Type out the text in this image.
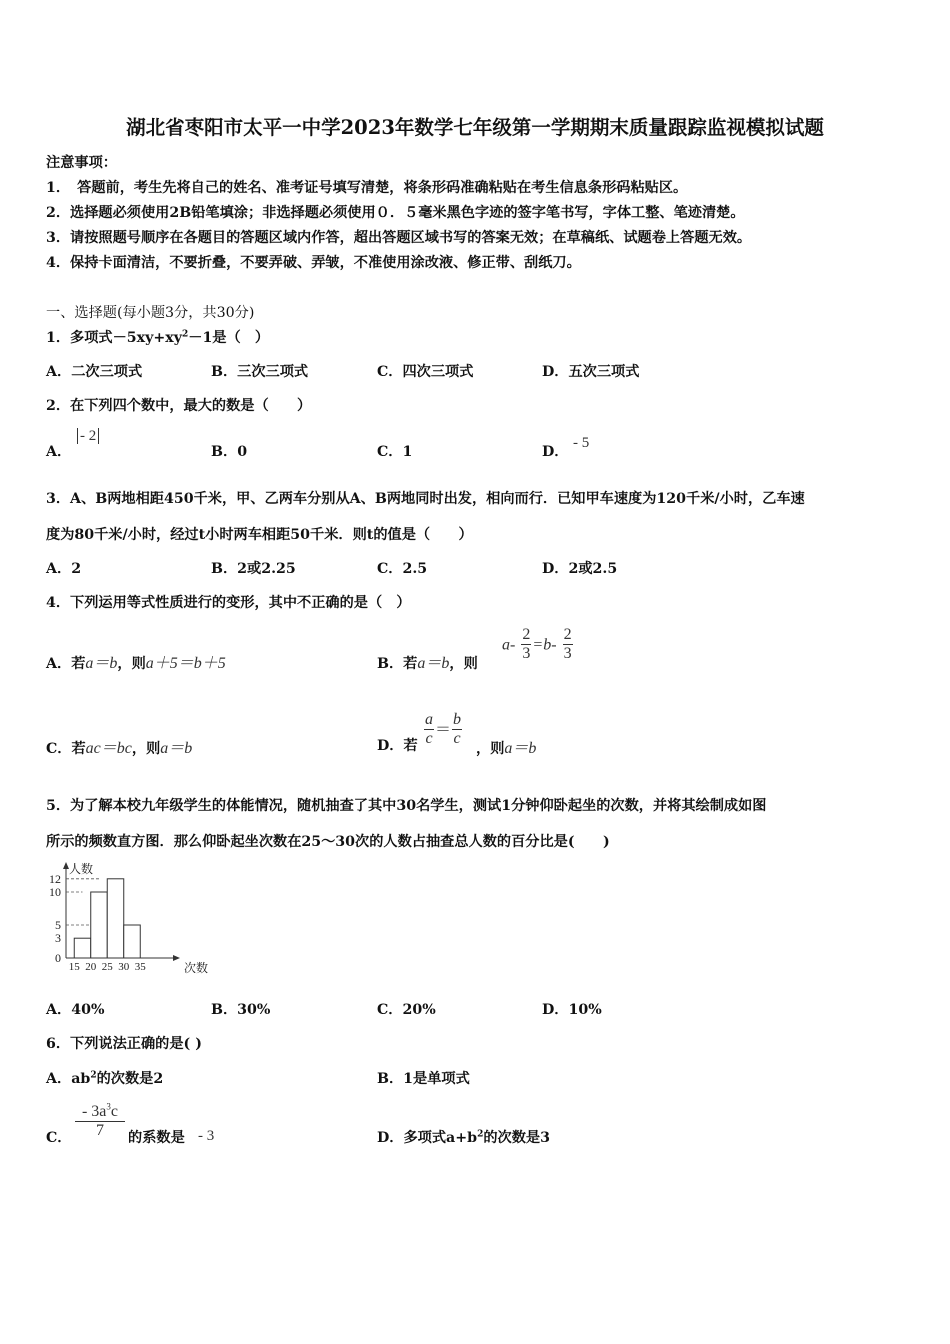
湖北省枣阳市太平一中学2023年数学七年级第一学期期末质量跟踪监视模拟试题
注意事项：
1．　答题前，考生先将自己的姓名、准考证号填写清楚，将条形码准确粘贴在考生信息条形码粘贴区。
2．选择题必须使用2B铅笔填涂；非选择题必须使用０．５毫米黑色字迹的签字笔书写，字体工整、笔迹清楚。
3．请按照题号顺序在各题目的答题区域内作答，超出答题区域书写的答案无效；在草稿纸、试题卷上答题无效。
4．保持卡面清洁，不要折叠，不要弄破、弄皱，不准使用涂改液、修正带、刮纸刀。
一、选择题(每小题3分，共30分)
1．多项式$-5xy+xy^2-1$是（　）
A．二次三项式	B．三次三项式	C．四次三项式	D．五次三项式
2．在下列四个数中，最大的数是（　　）
A．
- 2
B．0	C．1	D．
- 5
3．A、B两地相距450千米，甲、乙两车分别从A、B两地同时出发，相向而行．已知甲车速度为120千米/小时，乙车速
度为80千米/小时，经过t小时两车相距50千米．则t的值是（　　）
A．2	B．2或2.25	C．2.5	D．2或2.5
4．下列运用等式性质进行的变形，其中不正确的是（　）
A．若a＝b，则a＋5＝b＋5	B．若a＝b，则
$a- \frac{2}{3} =b- \frac{2}{3}$
C．若ac＝bc，则a＝b	D．若 $\frac{a}{c} = \frac{b}{c}$
，则a＝b
5．为了解本校九年级学生的体能情况，随机抽查了其中30名学生，测试1分钟仰卧起坐的次数，并将其绘制成如图
所示的频数直方图．那么仰卧起坐次数在25～30次的人数占抽查总人数的百分比是(　　)
0
3
5
10
12
15 20 25 30 35
人数
次数
A．40%	B．30%	C．20%	D．10%
6．下列说法正确的是( )
A．$ab^2$的次数是2	B．1是单项式
C． $\frac{- 3a^3c}{7}$ 的系数是 - 3	D．多项式$a+b^2$的次数是3
